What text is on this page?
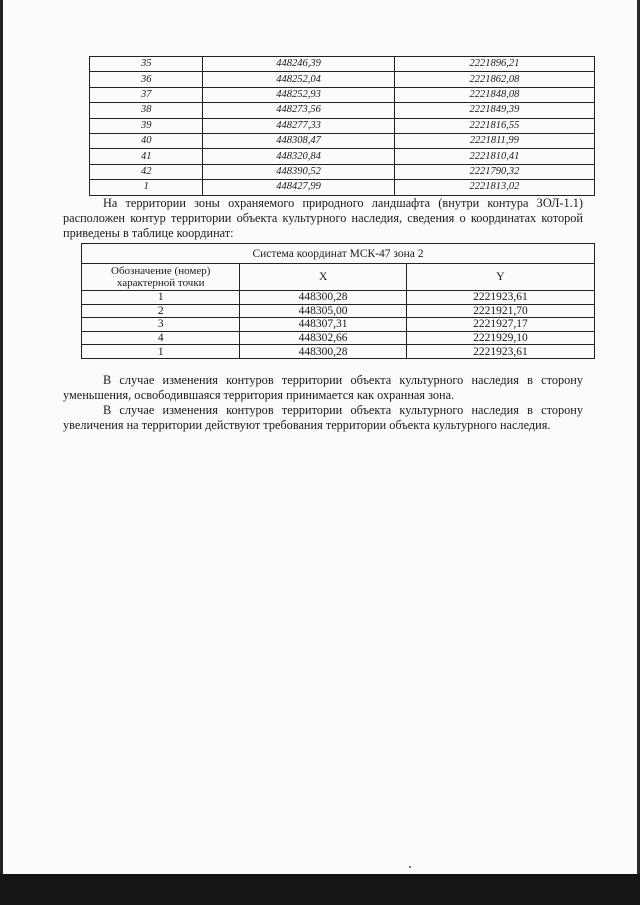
35	448246,39	2221896,21
36	448252,04	2221862,08
37	448252,93	2221848,08
38	448273,56	2221849,39
39	448277,33	2221816,55
40	448308,47	2221811,99
41	448320,84	2221810,41
42	448390,52	2221790,32
1	448427,99	2221813,02

На территории зоны охраняемого природного ландшафта (внутри контура ЗОЛ-1.1) расположен контур территории объекта культурного наследия, сведения о координатах которой приведены в таблице координат:

Система координат МСК-47 зона 2		
Обозначение (номер) характерной точки	X	Y
1	448300,28	2221923,61
2	448305,00	2221921,70
3	448307,31	2221927,17
4	448302,66	2221929,10
1	448300,28	2221923,61

В случае изменения контуров территории объекта культурного наследия в сторону уменьшения, освободившаяся территория принимается как охранная зона.

В случае изменения контуров территории объекта культурного наследия в сторону увеличения на территории действуют требования территории объекта культурного наследия.
